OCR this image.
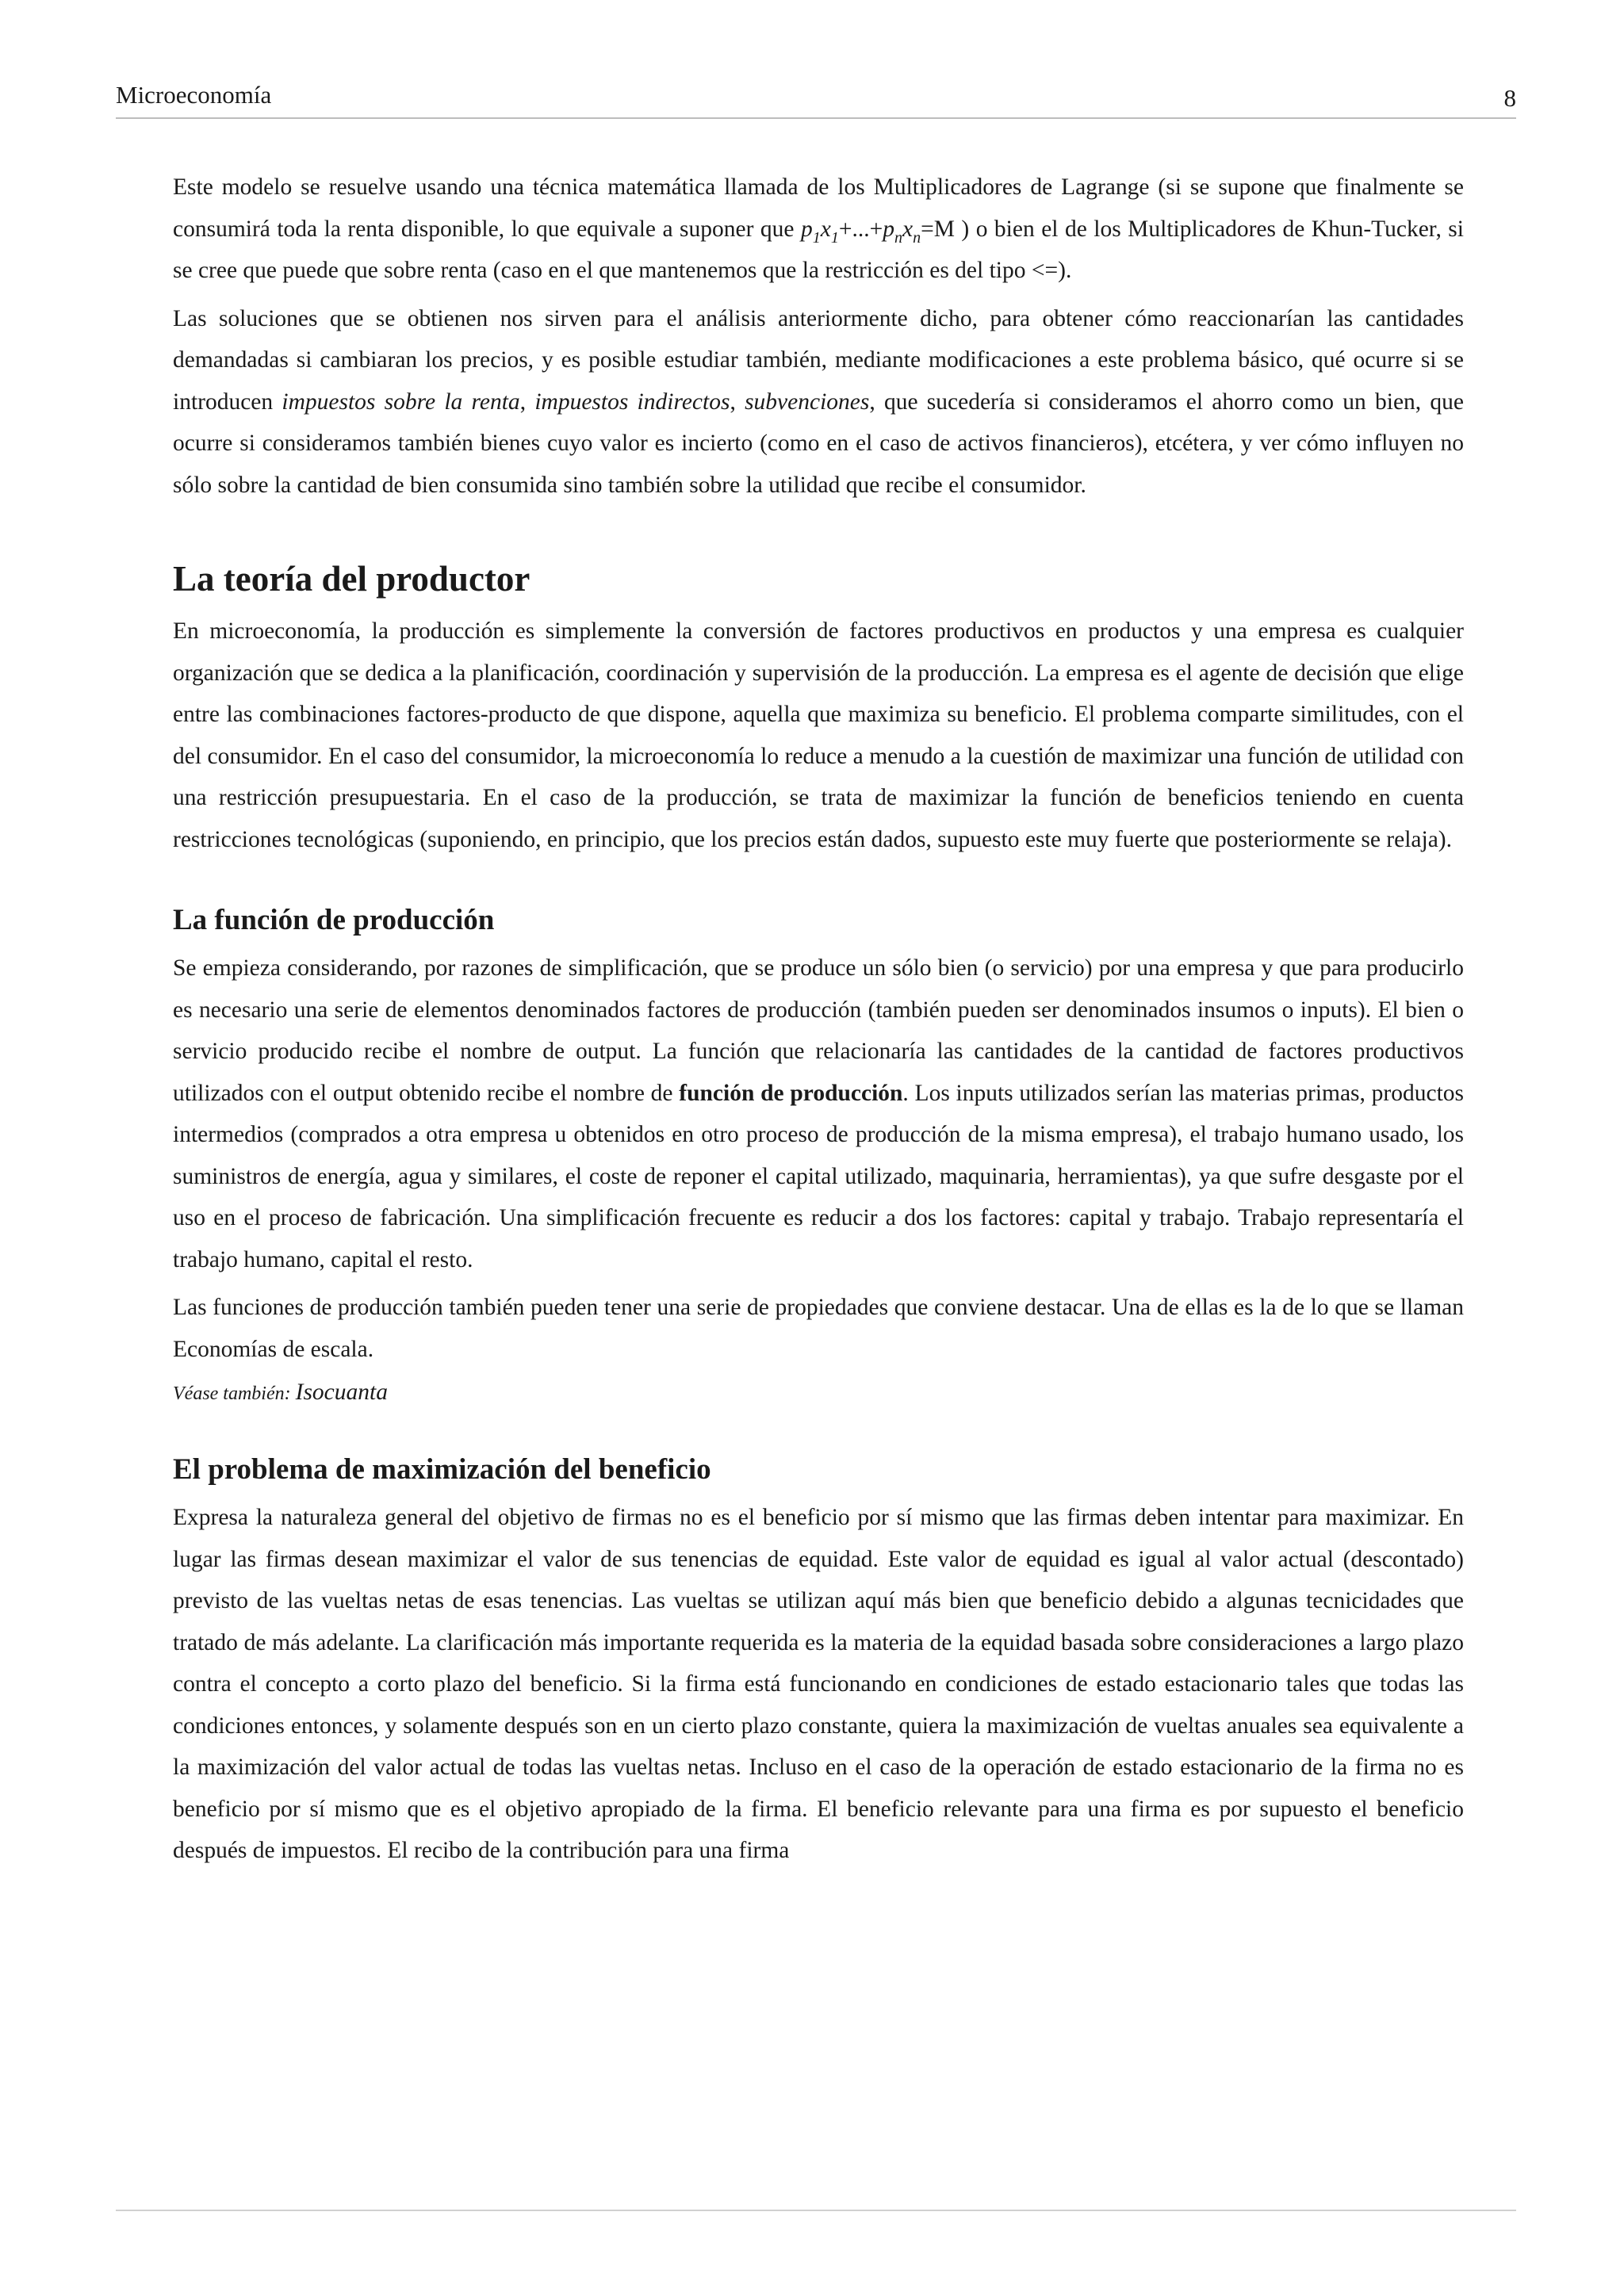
Microeconomía	8

Este modelo se resuelve usando una técnica matemática llamada de los Multiplicadores de Lagrange (si se supone que finalmente se consumirá toda la renta disponible, lo que equivale a suponer que $p_1x_1+...+p_nx_n=M$ ) o bien el de los Multiplicadores de Khun-Tucker, si se cree que puede que sobre renta (caso en el que mantenemos que la restricción es del tipo <=).

Las soluciones que se obtienen nos sirven para el análisis anteriormente dicho, para obtener cómo reaccionarían las cantidades demandadas si cambiaran los precios, y es posible estudiar también, mediante modificaciones a este problema básico, qué ocurre si se introducen impuestos sobre la renta, impuestos indirectos, subvenciones, que sucedería si consideramos el ahorro como un bien, que ocurre si consideramos también bienes cuyo valor es incierto (como en el caso de activos financieros), etcétera, y ver cómo influyen no sólo sobre la cantidad de bien consumida sino también sobre la utilidad que recibe el consumidor.

La teoría del productor

En microeconomía, la producción es simplemente la conversión de factores productivos en productos y una empresa es cualquier organización que se dedica a la planificación, coordinación y supervisión de la producción. La empresa es el agente de decisión que elige entre las combinaciones factores-producto de que dispone, aquella que maximiza su beneficio. El problema comparte similitudes, con el del consumidor. En el caso del consumidor, la microeconomía lo reduce a menudo a la cuestión de maximizar una función de utilidad con una restricción presupuestaria. En el caso de la producción, se trata de maximizar la función de beneficios teniendo en cuenta restricciones tecnológicas (suponiendo, en principio, que los precios están dados, supuesto este muy fuerte que posteriormente se relaja).

La función de producción

Se empieza considerando, por razones de simplificación, que se produce un sólo bien (o servicio) por una empresa y que para producirlo es necesario una serie de elementos denominados factores de producción (también pueden ser denominados insumos o inputs). El bien o servicio producido recibe el nombre de output. La función que relacionaría las cantidades de la cantidad de factores productivos utilizados con el output obtenido recibe el nombre de función de producción. Los inputs utilizados serían las materias primas, productos intermedios (comprados a otra empresa u obtenidos en otro proceso de producción de la misma empresa), el trabajo humano usado, los suministros de energía, agua y similares, el coste de reponer el capital utilizado, maquinaria, herramientas), ya que sufre desgaste por el uso en el proceso de fabricación. Una simplificación frecuente es reducir a dos los factores: capital y trabajo. Trabajo representaría el trabajo humano, capital el resto.

Las funciones de producción también pueden tener una serie de propiedades que conviene destacar. Una de ellas es la de lo que se llaman Economías de escala.

Véase también: Isocuanta
El problema de maximización del beneficio

Expresa la naturaleza general del objetivo de firmas no es el beneficio por sí mismo que las firmas deben intentar para maximizar. En lugar las firmas desean maximizar el valor de sus tenencias de equidad. Este valor de equidad es igual al valor actual (descontado) previsto de las vueltas netas de esas tenencias. Las vueltas se utilizan aquí más bien que beneficio debido a algunas tecnicidades que tratado de más adelante. La clarificación más importante requerida es la materia de la equidad basada sobre consideraciones a largo plazo contra el concepto a corto plazo del beneficio. Si la firma está funcionando en condiciones de estado estacionario tales que todas las condiciones entonces, y solamente después son en un cierto plazo constante, quiera la maximización de vueltas anuales sea equivalente a la maximización del valor actual de todas las vueltas netas. Incluso en el caso de la operación de estado estacionario de la firma no es beneficio por sí mismo que es el objetivo apropiado de la firma. El beneficio relevante para una firma es por supuesto el beneficio después de impuestos. El recibo de la contribución para una firma
